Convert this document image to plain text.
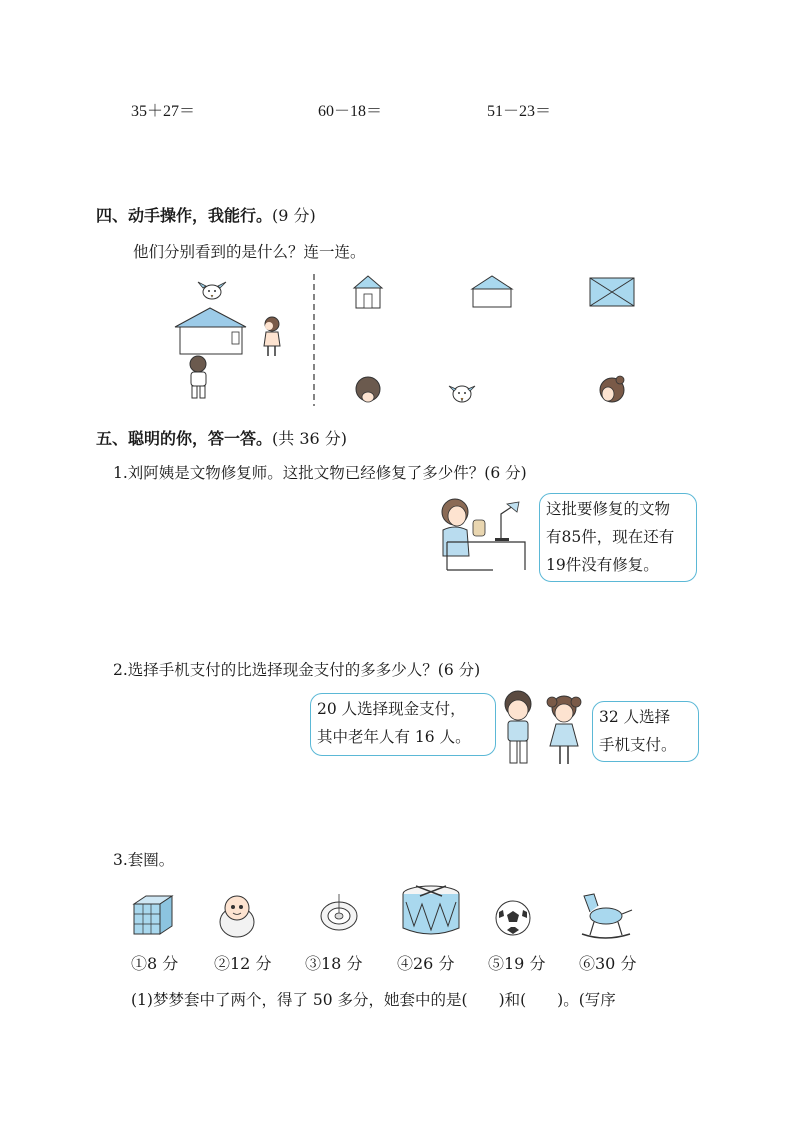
35＋27＝	60－18＝	51－23＝
四、动手操作，我能行。(9 分)
他们分别看到的是什么？连一连。
五、聪明的你，答一答。(共 36 分)
1.刘阿姨是文物修复师。这批文物已经修复了多少件？(6 分)
这批要修复的文物
有85件，现在还有
19件没有修复。
2.选择手机支付的比选择现金支付的多多少人？(6 分)
20 人选择现金支付，
其中老年人有 16 人。
32 人选择
手机支付。
3.套圈。
①8 分 ②12 分 ③18 分 ④26 分 ⑤19 分 ⑥30 分
(1)梦梦套中了两个，得了 50 多分，她套中的是(　　)和(　　)。(写序
